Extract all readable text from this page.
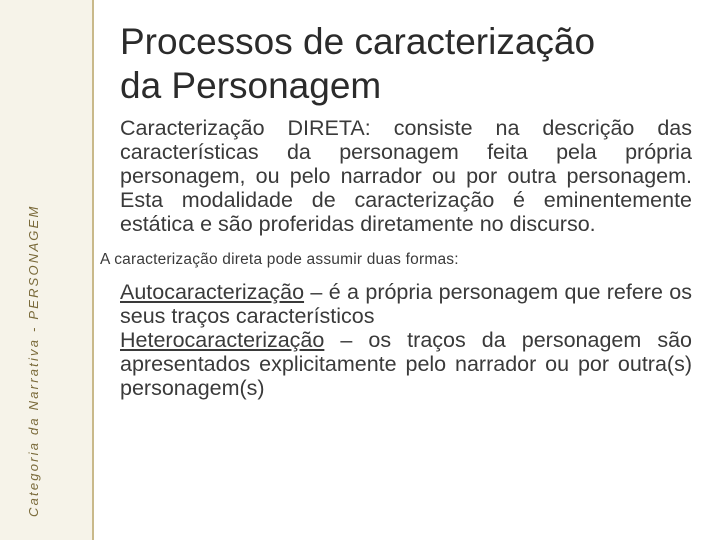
Categoria da Narrativa - PERSONAGEM
Processos de caracterização
da Personagem

Caracterização DIRETA: consiste na descrição das características da personagem feita pela própria personagem, ou pelo narrador ou por outra personagem. Esta modalidade de caracterização é eminentemente estática e são proferidas diretamente no discurso.

A caracterização direta pode assumir duas formas:

Autocaracterização – é a própria personagem que refere os seus traços característicos

Heterocaracterização – os traços da personagem são apresentados explicitamente pelo narrador ou por outra(s) personagem(s)
